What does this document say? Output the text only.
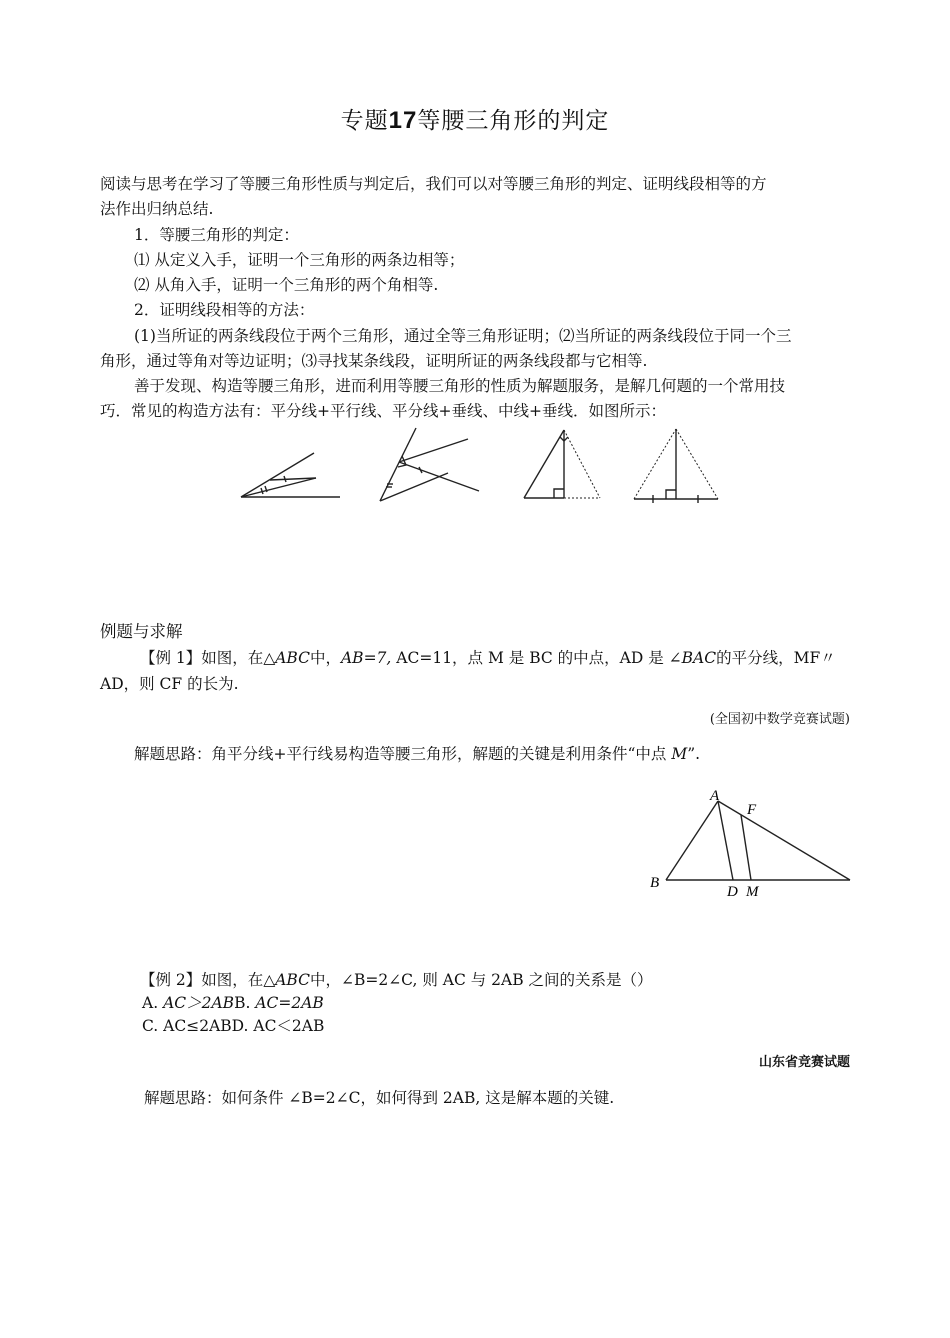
专题17等腰三角形的判定
阅读与思考在学习了等腰三角形性质与判定后，我们可以对等腰三角形的判定、证明线段相等的方
法作出归纳总结.
1．等腰三角形的判定：
⑴ 从定义入手，证明一个三角形的两条边相等；
⑵ 从角入手，证明一个三角形的两个角相等.
2．证明线段相等的方法：
(1)当所证的两条线段位于两个三角形，通过全等三角形证明；⑵当所证的两条线段位于同一个三
角形，通过等角对等边证明；⑶寻找某条线段，证明所证的两条线段都与它相等.
善于发现、构造等腰三角形，进而利用等腰三角形的性质为解题服务，是解几何题的一个常用技
巧．常见的构造方法有：平分线+平行线、平分线+垂线、中线+垂线．如图所示：
例题与求解
【例 1】如图，在△ABC中，AB=7, AC=11，点 M 是 BC 的中点，AD 是 ∠BAC的平分线，MF〃
AD，则 CF 的长为.
(全国初中数学竞赛试题)
解题思路：角平分线+平行线易构造等腰三角形，解题的关键是利用条件“中点 M”.
A
B
D M
F
【例 2】如图，在△ABC中，∠B=2∠C, 则 AC 与 2AB 之间的关系是（）
A. AC＞2ABB. AC=2AB
C. AC≤2ABD. AC＜2AB
山东省竞赛试题
解题思路：如何条件 ∠B=2∠C，如何得到 2AB, 这是解本题的关键.
